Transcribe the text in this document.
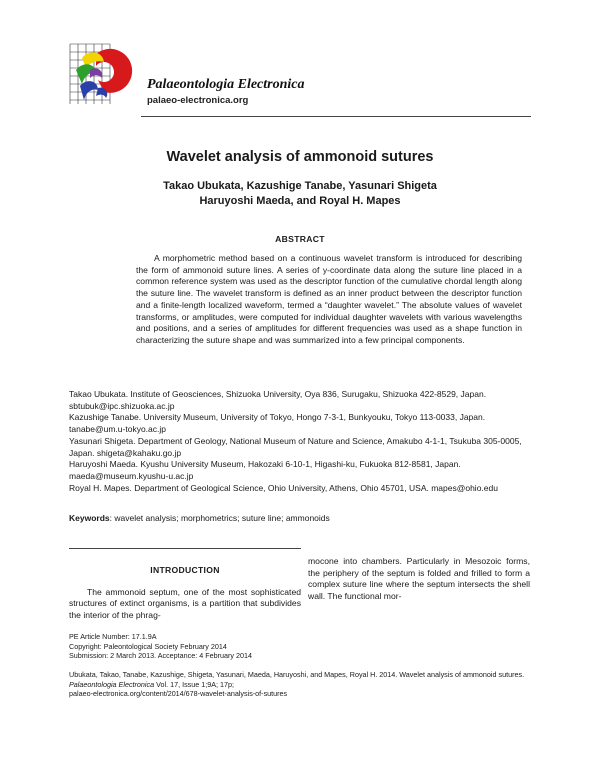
Palaeontologia Electronica
palaeo-electronica.org
Wavelet analysis of ammonoid sutures
Takao Ubukata, Kazushige Tanabe, Yasunari Shigeta
Haruyoshi Maeda, and Royal H. Mapes
ABSTRACT

A morphometric method based on a continuous wavelet transform is introduced for describing the form of ammonoid suture lines. A series of y-coordinate data along the suture line placed in a common reference system was used as the descriptor function of the cumulative chordal length along the suture line. The wavelet transform is defined as an inner product between the descriptor function and a finite-length localized waveform, termed a “daughter wavelet.” The absolute values of wavelet transforms, or amplitudes, were computed for individual daughter wavelets with various wavelengths and positions, and a series of amplitudes for different frequencies was used as a shape function in characterizing the suture shape and was summarized into a few principal components.

Takao Ubukata. Institute of Geosciences, Shizuoka University, Oya 836, Surugaku, Shizuoka 422-8529, Japan. sbtubuk@ipc.shizuoka.ac.jp
Kazushige Tanabe. University Museum, University of Tokyo, Hongo 7-3-1, Bunkyouku, Tokyo 113-0033, Japan. tanabe@um.u-tokyo.ac.jp
Yasunari Shigeta. Department of Geology, National Museum of Nature and Science, Amakubo 4-1-1, Tsukuba 305-0005, Japan. shigeta@kahaku.go.jp
Haruyoshi Maeda. Kyushu University Museum, Hakozaki 6-10-1, Higashi-ku, Fukuoka 812-8581, Japan. maeda@museum.kyushu-u.ac.jp
Royal H. Mapes. Department of Geological Science, Ohio University, Athens, Ohio 45701, USA. mapes@ohio.edu
Keywords: wavelet analysis; morphometrics; suture line; ammonoids
INTRODUCTION

The ammonoid septum, one of the most sophisticated structures of extinct organisms, is a partition that subdivides the interior of the phrag-

mocone into chambers. Particularly in Mesozoic forms, the periphery of the septum is folded and frilled to form a complex suture line where the septum intersects the shell wall. The functional mor-

PE Article Number: 17.1.9A
Copyright: Paleontological Society February 2014
Submission: 2 March 2013. Acceptance: 4 February 2014
Ubukata, Takao, Tanabe, Kazushige, Shigeta, Yasunari, Maeda, Haruyoshi, and Mapes, Royal H. 2014. Wavelet analysis of ammonoid sutures. Palaeontologia Electronica Vol. 17, Issue 1;9A; 17p;
palaeo-electronica.org/content/2014/678-wavelet-analysis-of-sutures
